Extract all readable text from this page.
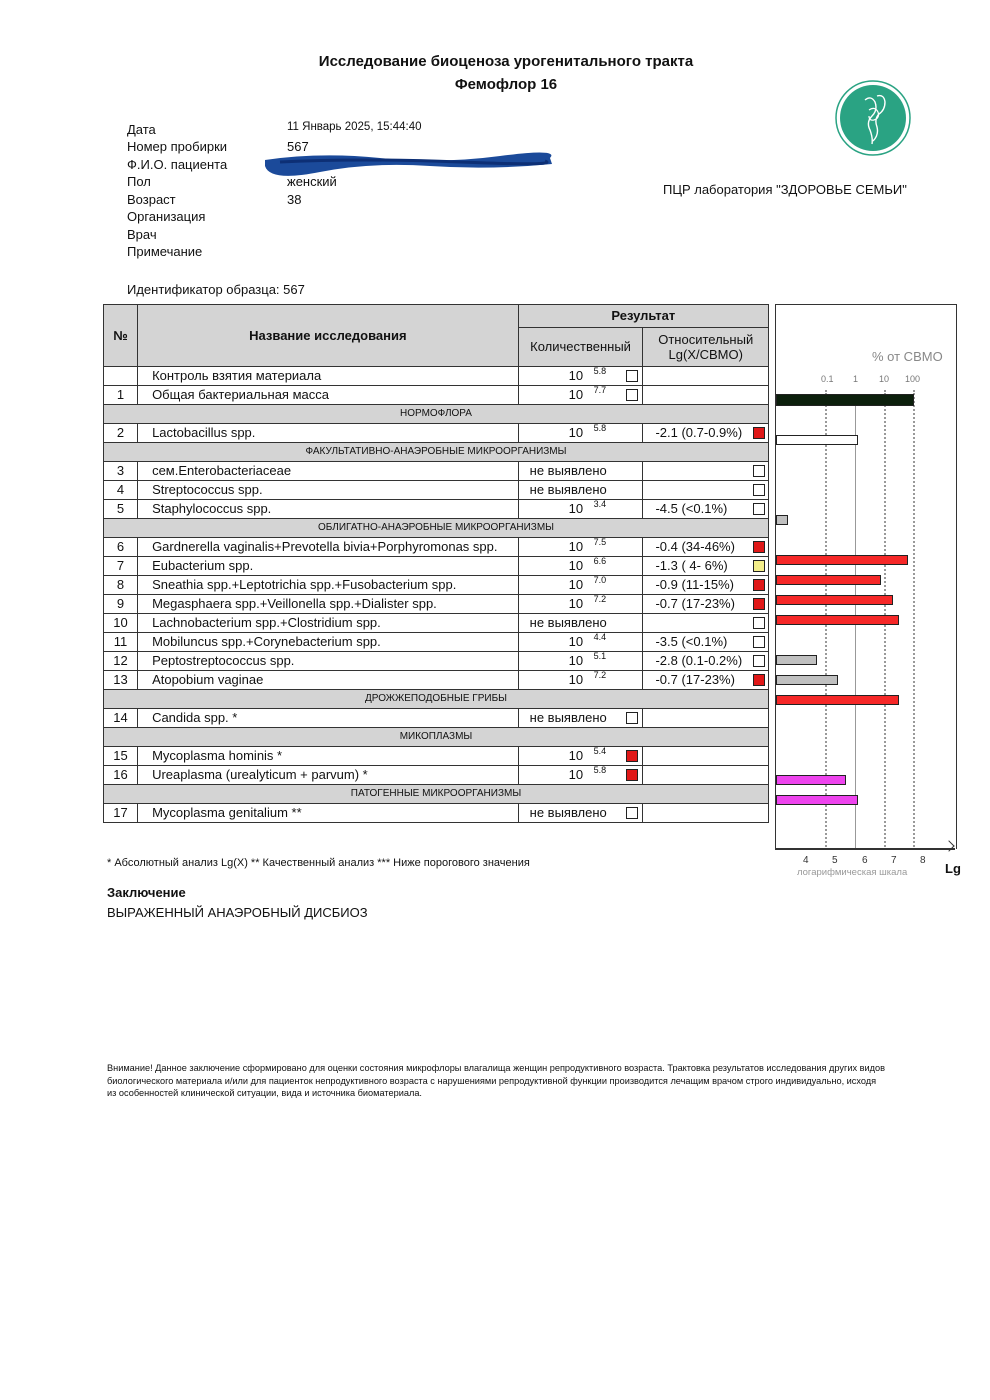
Исследование биоценоза урогенитального тракта
Фемофлор 16
Дата	11 Январь 2025, 15:44:40
Номер пробирки	567
Ф.И.О. пациента
Пол	женский
Возраст	38
Организация
Врач
Примечание
ПЦР лаборатория "ЗДОРОВЬЕ СЕМЬИ"
Идентификатор образца: 567
№	Название исследования	Результат	
		Количественный	Относительный
Lg(X/СВМО)

	Контроль взятия материала	10 5.8	

1	Общая бактериальная масса	10 7.7	

НОРМОФЛОРА			
2	Lactobacillus spp.	10 5.8	-2.1 (0.7-0.9%)

ФАКУЛЬТАТИВНО-АНАЭРОБНЫЕ МИКРООРГАНИЗМЫ			
3	сем.Enterobacteriaceae	не выявлено	

4	Streptococcus spp.	не выявлено	

5	Staphylococcus spp.	10 3.4	-4.5 (<0.1%)

ОБЛИГАТНО-АНАЭРОБНЫЕ МИКРООРГАНИЗМЫ			
6	Gardnerella vaginalis+Prevotella bivia+Porphyromonas spp.	10 7.5	-0.4 (34-46%)

7	Eubacterium spp.	10 6.6	-1.3 ( 4- 6%)

8	Sneathia spp.+Leptotrichia spp.+Fusobacterium spp.	10 7.0	-0.9 (11-15%)

9	Megasphaera spp.+Veillonella spp.+Dialister spp.	10 7.2	-0.7 (17-23%)

10	Lachnobacterium spp.+Clostridium spp.	не выявлено	

11	Mobiluncus spp.+Corynebacterium spp.	10 4.4	-3.5 (<0.1%)

12	Peptostreptococcus spp.	10 5.1	-2.8 (0.1-0.2%)

13	Atopobium vaginae	10 7.2	-0.7 (17-23%)

ДРОЖЖЕПОДОБНЫЕ ГРИБЫ			
14	Candida spp. *	не выявлено	

МИКОПЛАЗМЫ			
15	Mycoplasma hominis *	10 5.4	

16	Ureaplasma (urealyticum + parvum) *	10 5.8	

ПАТОГЕННЫЕ МИКРООРГАНИЗМЫ			
17	Mycoplasma genitalium **	не выявлено	

% от СВМО
0.1 1 10 100
4 5 6 7 8
Lg
логарифмическая шкала
* Абсолютный анализ Lg(X) ** Качественный анализ *** Ниже порогового значения
Заключение
ВЫРАЖЕННЫЙ АНАЭРОБНЫЙ ДИСБИОЗ
Внимание! Данное заключение сформировано для оценки состояния микрофлоры влагалища женщин репродуктивного возраста. Трактовка результатов исследования других видов биологического материала и/или для пациенток непродуктивного возраста с нарушениями репродуктивной функции производится лечащим врачом строго индивидуально, исходя из особенностей клинической ситуации, вида и источника биоматериала.
